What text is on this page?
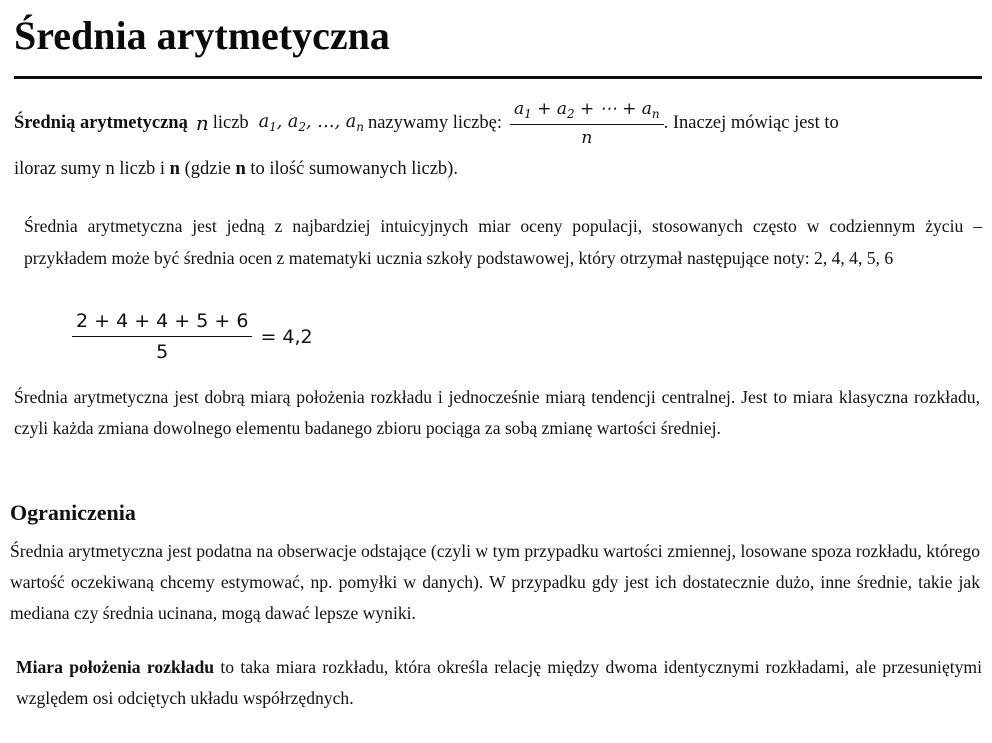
Średnia arytmetyczna
Średnią arytmetyczną n liczb $a_1$, $a_2$, …, $a_n$ nazywamy liczbę: $\frac{a_1 + a_2 + \cdots + a_n}{n}$ . Inaczej mówiąc jest to
iloraz sumy n liczb i n (gdzie n to ilość sumowanych liczb).
Średnia arytmetyczna jest jedną z najbardziej intuicyjnych miar oceny populacji, stosowanych często w codziennym życiu – przykładem może być średnia ocen z matematyki ucznia szkoły podstawowej, który otrzymał następujące noty: 2, 4, 4, 5, 6
$\frac{2 + 4 + 4 + 5 + 6}{5} = 4,2$
Średnia arytmetyczna jest dobrą miarą położenia rozkładu i jednocześnie miarą tendencji centralnej. Jest to miara klasyczna rozkładu, czyli każda zmiana dowolnego elementu badanego zbioru pociąga za sobą zmianę wartości średniej.
Ograniczenia
Średnia arytmetyczna jest podatna na obserwacje odstające (czyli w tym przypadku wartości zmiennej, losowane spoza rozkładu, którego wartość oczekiwaną chcemy estymować, np. pomyłki w danych). W przypadku gdy jest ich dostatecznie dużo, inne średnie, takie jak mediana czy średnia ucinana, mogą dawać lepsze wyniki.
Miara położenia rozkładu to taka miara rozkładu, która określa relację między dwoma identycznymi rozkładami, ale przesuniętymi względem osi odciętych układu współrzędnych.
